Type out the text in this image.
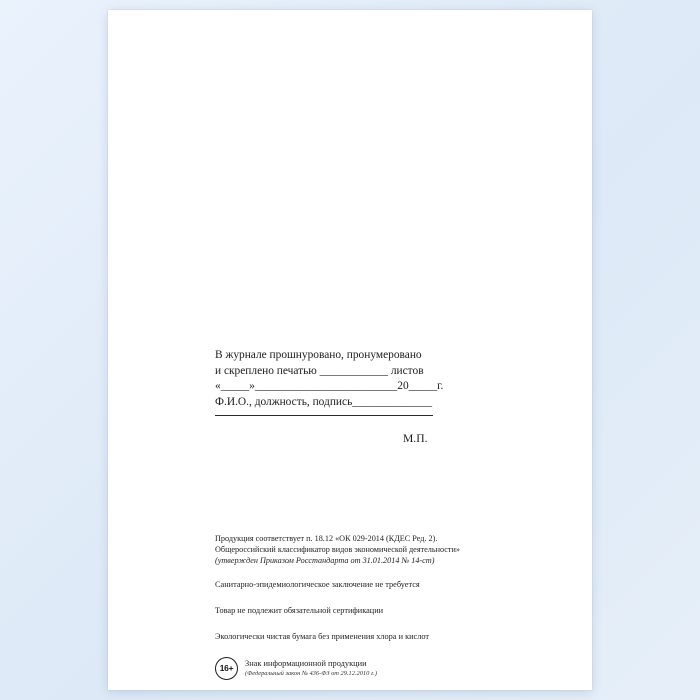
В журнале прошнуровано, пронумеровано
и скреплено печатью ____________ листов
«_____»_________________________20_____г.
Ф.И.О., должность, подпись______________
М.П.
Продукция соответствует п. 18.12 «ОК 029-2014 (КДЕС Ред. 2).
Общероссийский классификатор видов экономической деятельности»
(утвержден Приказом Росстандарта от 31.01.2014 № 14-ст)
Санитарно-эпидемиологическое заключение не требуется
Товар не подлежит обязательной сертификации
Экологически чистая бумага без применения хлора и кислот
16+	Знак информационной продукции
(Федеральный закон № 436-ФЗ от 29.12.2010 г.)
